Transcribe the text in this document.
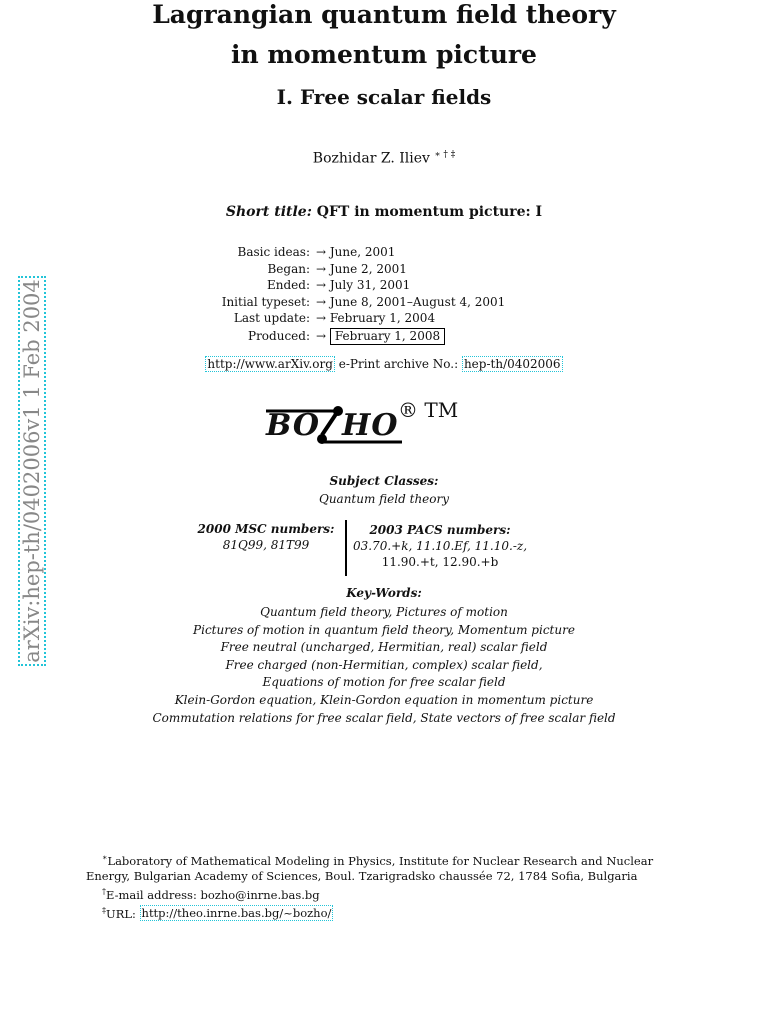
Lagrangian quantum field theory
in momentum picture
I. Free scalar fields
Bozhidar Z. Iliev ∗ † ‡
Short title: QFT in momentum picture: I
Basic ideas: → June, 2001
Began: → June 2, 2001
Ended: → July 31, 2001
Initial typeset: → June 8, 2001–August 4, 2001
Last update: → February 1, 2004
Produced: → February 1, 2008
http://www.arXiv.org e-Print archive No.: hep-th/0402006
BO HO ® TM
Subject Classes:
Quantum field theory
2000 MSC numbers:
81Q99, 81T99
2003 PACS numbers:
03.70.+k, 11.10.Ef, 11.10.-z,
11.90.+t, 12.90.+b
Key-Words:
Quantum field theory, Pictures of motion
Pictures of motion in quantum field theory, Momentum picture
Free neutral (uncharged, Hermitian, real) scalar field
Free charged (non-Hermitian, complex) scalar field,
Equations of motion for free scalar field
Klein-Gordon equation, Klein-Gordon equation in momentum picture
Commutation relations for free scalar field, State vectors of free scalar field
∗Laboratory of Mathematical Modeling in Physics, Institute for Nuclear Research and Nuclear
Energy, Bulgarian Academy of Sciences, Boul. Tzarigradsko chaussée 72, 1784 Sofia, Bulgaria
†E-mail address: bozho@inrne.bas.bg
‡URL: http://theo.inrne.bas.bg/~bozho/
arXiv:hep-th/0402006v1 1 Feb 2004
